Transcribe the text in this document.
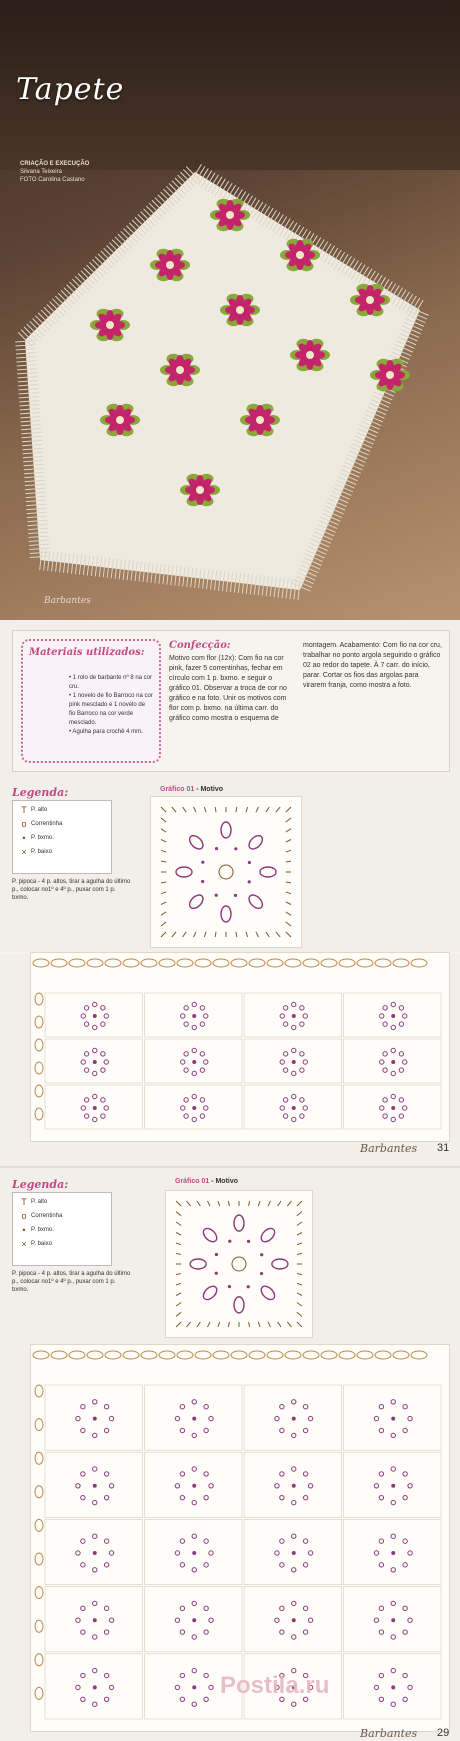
Tapete
CRIAÇÃO E EXECUÇÃO
Silvana Teixeira
FOTO Carolina Castano
Barbantes
Materiais utilizados:
• 1 rolo de barbante nº 8 na cor cru.
• 1 novelo de fio Barroco na cor pink mesclado e 1 novelo de fio Barroco na cor verde mesclado.
• Agulha para crochê 4 mm.
Confecção:
Motivo com flor (12x): Com fio na cor pink, fazer 5 correntinhas, fechar em círculo com 1 p. bxmo. e seguir o gráfico 01. Observar a troca de cor no gráfico e na foto. Unir os motivos com flor com p. bxmo. na última carr. do gráfico como mostra o esquema de
montagem. Acabamento: Com fio na cor cru, trabalhar no ponto argola seguindo o gráfico 02 ao redor do tapete. À 7 carr. do início, parar. Cortar os fios das argolas para virarem franja, como mostra a foto.
Legenda:
T P. alto
o Correntinha
• P. bxmo.
× P. baixo
P. pipoca - 4 p. altos, tirar a agulha do último p., colocar no1º e 4º p., puxar com 1 p. bxmo.
Gráfico 01 - Motivo
Gráfico 02 - Acabamen-
to ao redor do tapete
Barbantes 31
Legenda:
T P. alto
o Correntinha
• P. bxmo.
× P. baixo
P. pipoca - 4 p. altos, tirar a agulha do último p., colocar no1º e 4º p., puxar com 1 p. bxmo.
Gráfico 01 - Motivo
Gráfico 02 - Acabamen-
to ao redor do tapete
Postila.ru
Barbantes 29
